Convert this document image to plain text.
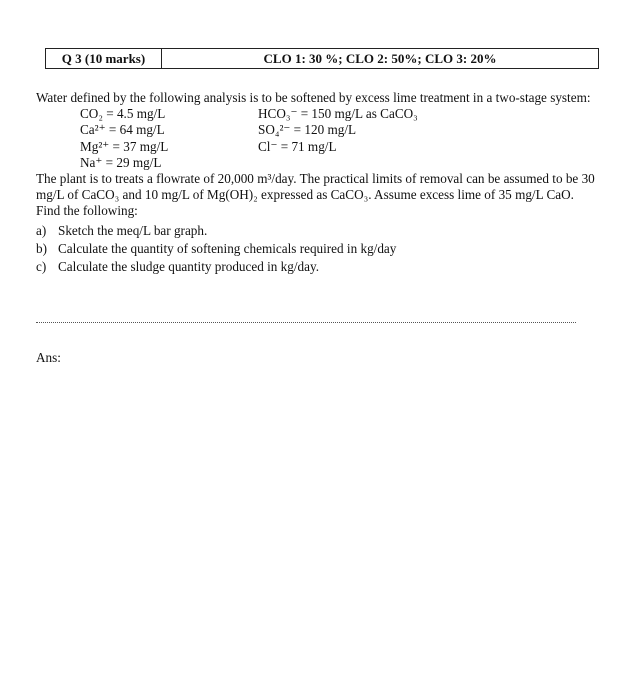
Q 3 (10 marks)	CLO 1: 30 %; CLO 2: 50%; CLO 3: 20%

Water defined by the following analysis is to be softened by excess lime treatment in a two-stage system:

CO₂ = 4.5 mg/L	HCO₃⁻ = 150 mg/L as CaCO₃
Ca²⁺ = 64 mg/L	SO₄²⁻ = 120 mg/L
Mg²⁺ = 37 mg/L	Cl⁻ = 71 mg/L
Na⁺ = 29 mg/L

The plant is to treats a flowrate of 20,000 m³/day. The practical limits of removal can be assumed to be 30 mg/L of CaCO₃ and 10 mg/L of Mg(OH)₂ expressed as CaCO₃. Assume excess lime of 35 mg/L CaO. Find the following:

a) Sketch the meq/L bar graph.
b) Calculate the quantity of softening chemicals required in kg/day
c) Calculate the sludge quantity produced in kg/day.
Ans:
